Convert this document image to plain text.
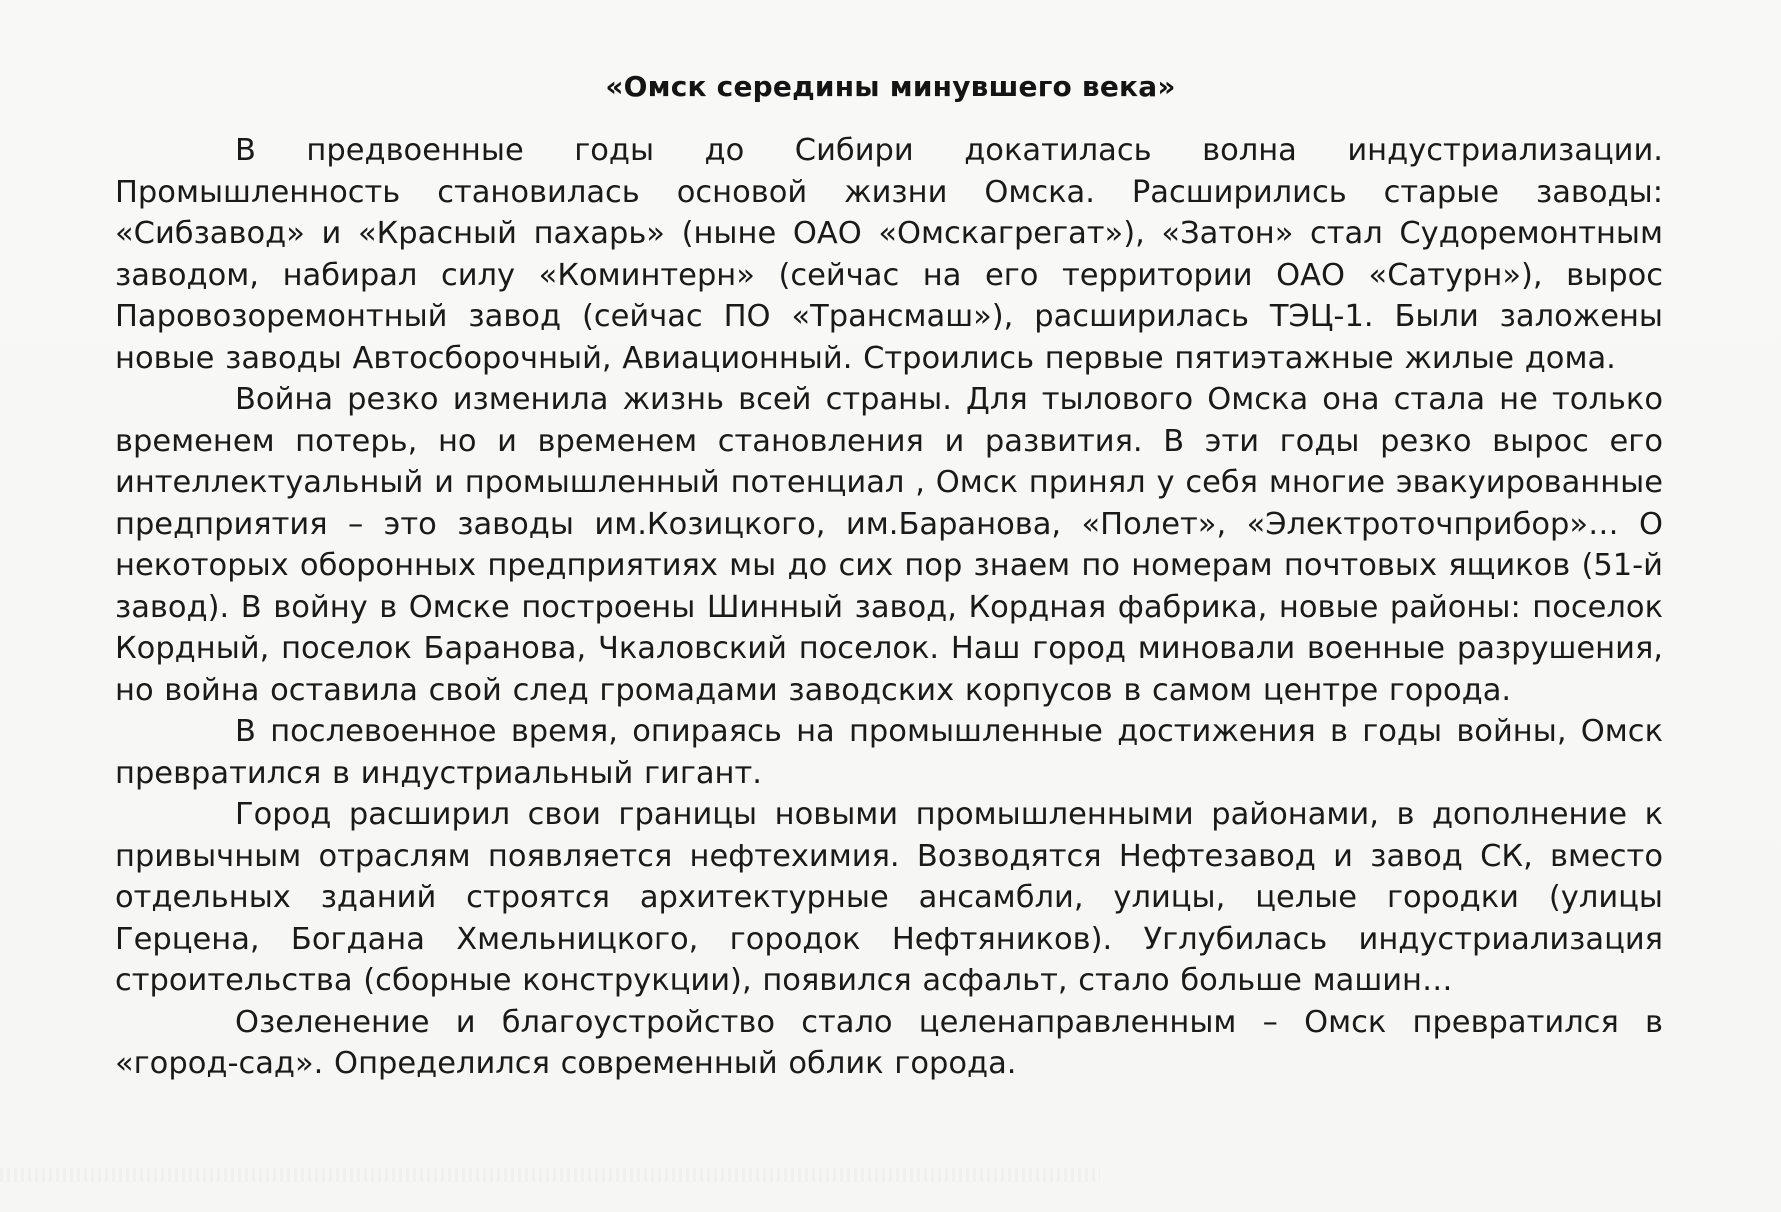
«Омск середины минувшего века»

В предвоенные годы до Сибири докатилась волна индустриализации. Промышленность становилась основой жизни Омска. Расширились старые заводы: «Сибзавод» и «Красный пахарь» (ныне ОАО «Омскагрегат»), «Затон» стал Судоремонтным заводом, набирал силу «Коминтерн» (сейчас на его территории ОАО «Сатурн»), вырос Паровозоремонтный завод (сейчас ПО «Трансмаш»), расширилась ТЭЦ-1. Были заложены новые заводы Автосборочный, Авиационный. Строились первые пятиэтажные жилые дома.

Война резко изменила жизнь всей страны. Для тылового Омска она стала не только временем потерь, но и временем становления и развития. В эти годы резко вырос его интеллектуальный и промышленный потенциал , Омск принял у себя многие эвакуированные предприятия – это заводы им.Козицкого, им.Баранова, «Полет», «Электроточприбор»… О некоторых оборонных предприятиях мы до сих пор знаем по номерам почтовых ящиков (51-й завод). В войну в Омске построены Шинный завод, Кордная фабрика, новые районы: поселок Кордный, поселок Баранова, Чкаловский поселок. Наш город миновали военные разрушения, но война оставила свой след громадами заводских корпусов в самом центре города.

В послевоенное время, опираясь на промышленные достижения в годы войны, Омск превратился в индустриальный гигант.

Город расширил свои границы новыми промышленными районами, в дополнение к привычным отраслям появляется нефтехимия. Возводятся Нефтезавод и завод СК, вместо отдельных зданий строятся архитектурные ансамбли, улицы, целые городки (улицы Герцена, Богдана Хмельницкого, городок Нефтяников). Углубилась индустриализация строительства (сборные конструкции), появился асфальт, стало больше машин…

Озеленение и благоустройство стало целенаправленным – Омск превратился в «город-сад». Определился современный облик города.
